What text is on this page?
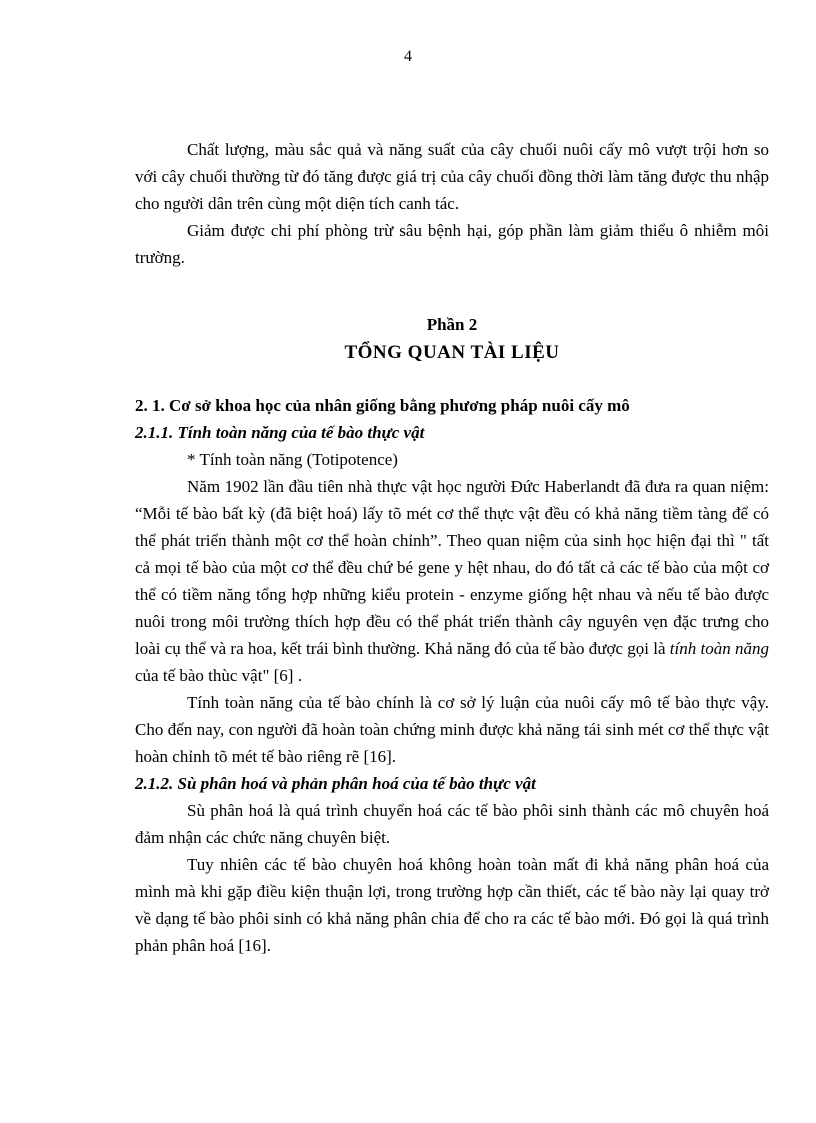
4

Chất lượng, màu sắc quả và năng suất của cây chuối nuôi cấy mô vượt trội hơn so với cây chuối thường từ đó tăng được giá trị của cây chuối đồng thời làm tăng được thu nhập cho người dân trên cùng một diện tích canh tác.

Giảm được chi phí phòng trừ sâu bệnh hại, góp phần làm giảm thiểu ô nhiễm môi trường.

Phần 2

TỔNG QUAN TÀI LIỆU

2. 1. Cơ sở khoa học của nhân giống bằng phương pháp nuôi cấy mô

2.1.1. Tính toàn năng của tế bào thực vật

* Tính toàn năng (Totipotence)

Năm 1902 lần đầu tiên nhà thực vật học người Đức Haberlandt đã đưa ra quan niệm: “Mỗi tế bào bất kỳ (đã biệt hoá) lấy tõ mét cơ thể thực vật đều có khả năng tiềm tàng để có thể phát triển thành một cơ thể hoàn chỉnh”. Theo quan niệm của sinh học hiện đại thì " tất cả mọi tế bào của một cơ thể đều chứ bé gene y hệt nhau, do đó tất cả các tế bào của một cơ thể có tiềm năng tổng hợp những kiểu protein - enzyme giống hệt nhau và nếu tế bào được nuôi trong môi trường thích hợp đều có thể phát triển thành cây nguyên vẹn đặc trưng cho loài cụ thể và ra hoa, kết trái bình thường. Khả năng đó của tế bào được gọi là tính toàn năng của tế bào thùc vật" [6] .

Tính toàn năng của tế bào chính là cơ sở lý luận của nuôi cấy mô tế bào thực vậy. Cho đến nay, con người đã hoàn toàn chứng minh được khả năng tái sinh mét cơ thể thực vật hoàn chỉnh tõ mét tế bào riêng rẽ [16].

2.1.2. Sù phân hoá và phản phân hoá của tế bào thực vật

Sù phân hoá là quá trình chuyển hoá các tế bào phôi sinh thành các mô chuyên hoá đảm nhận các chức năng chuyên biệt.

Tuy nhiên các tế bào chuyên hoá không hoàn toàn mất đi khả năng phân hoá của mình mà khi gặp điều kiện thuận lợi, trong trường hợp cần thiết, các tế bào này lại quay trở về dạng tế bào phôi sinh có khả năng phân chia để cho ra các tế bào mới. Đó gọi là quá trình phản phân hoá [16].
